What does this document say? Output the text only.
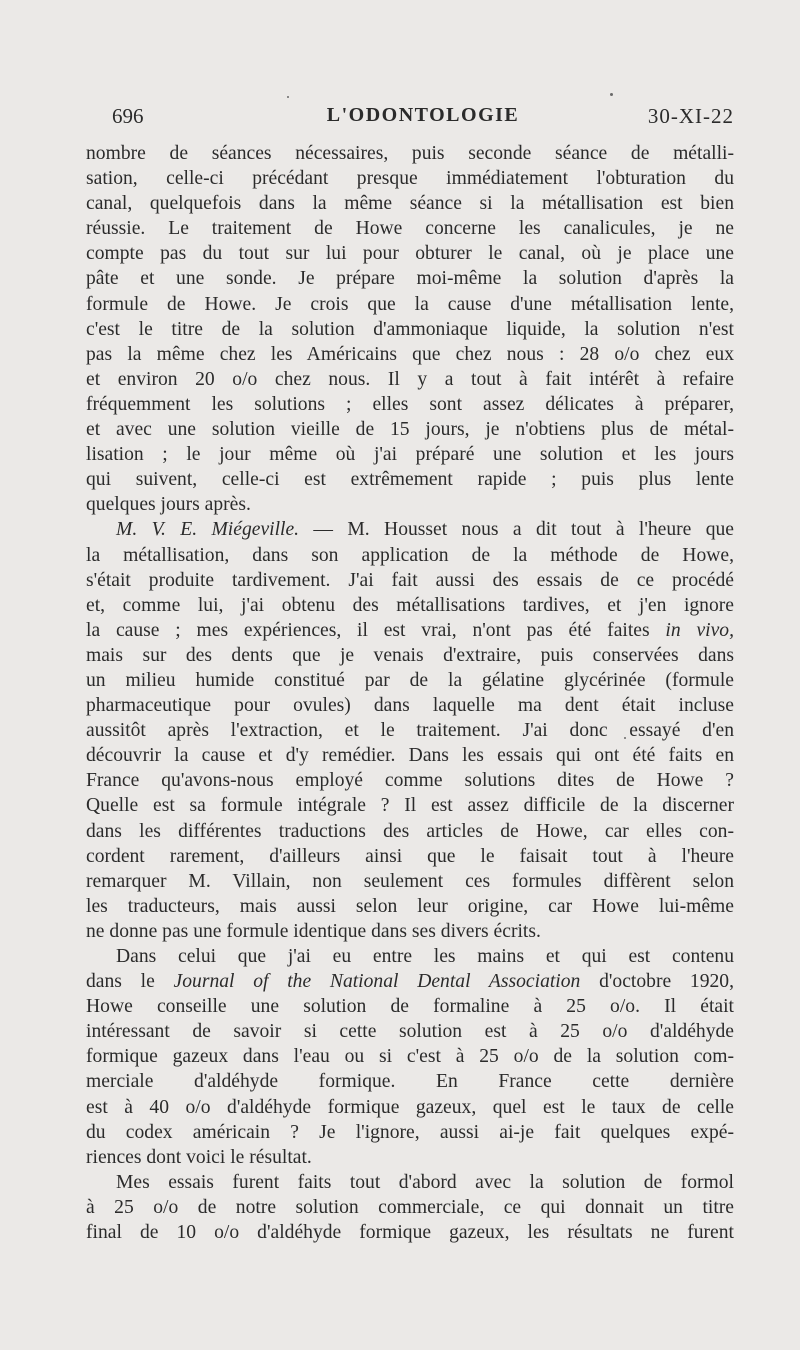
696	L'ODONTOLOGIE	30-XI-22
nombre de séances nécessaires, puis seconde séance de métalli-
sation, celle-ci précédant presque immédiatement l'obturation du
canal, quelquefois dans la même séance si la métallisation est bien
réussie. Le traitement de Howe concerne les canalicules, je ne
compte pas du tout sur lui pour obturer le canal, où je place une
pâte et une sonde. Je prépare moi-même la solution d'après la
formule de Howe. Je crois que la cause d'une métallisation lente,
c'est le titre de la solution d'ammoniaque liquide, la solution n'est
pas la même chez les Américains que chez nous : 28 o/o chez eux
et environ 20 o/o chez nous. Il y a tout à fait intérêt à refaire
fréquemment les solutions ; elles sont assez délicates à préparer,
et avec une solution vieille de 15 jours, je n'obtiens plus de métal-
lisation ; le jour même où j'ai préparé une solution et les jours
qui suivent, celle-ci est extrêmement rapide ; puis plus lente
quelques jours après.
M. V. E. Miégeville. — M. Housset nous a dit tout à l'heure que
la métallisation, dans son application de la méthode de Howe,
s'était produite tardivement. J'ai fait aussi des essais de ce procédé
et, comme lui, j'ai obtenu des métallisations tardives, et j'en ignore
la cause ; mes expériences, il est vrai, n'ont pas été faites in vivo,
mais sur des dents que je venais d'extraire, puis conservées dans
un milieu humide constitué par de la gélatine glycérinée (formule
pharmaceutique pour ovules) dans laquelle ma dent était incluse
aussitôt après l'extraction, et le traitement. J'ai donc essayé d'en
découvrir la cause et d'y remédier. Dans les essais qui ont été faits en
France qu'avons-nous employé comme solutions dites de Howe ?
Quelle est sa formule intégrale ? Il est assez difficile de la discerner
dans les différentes traductions des articles de Howe, car elles con-
cordent rarement, d'ailleurs ainsi que le faisait tout à l'heure
remarquer M. Villain, non seulement ces formules diffèrent selon
les traducteurs, mais aussi selon leur origine, car Howe lui-même
ne donne pas une formule identique dans ses divers écrits.
Dans celui que j'ai eu entre les mains et qui est contenu
dans le Journal of the National Dental Association d'octobre 1920,
Howe conseille une solution de formaline à 25 o/o. Il était
intéressant de savoir si cette solution est à 25 o/o d'aldéhyde
formique gazeux dans l'eau ou si c'est à 25 o/o de la solution com-
merciale d'aldéhyde formique. En France cette dernière
est à 40 o/o d'aldéhyde formique gazeux, quel est le taux de celle
du codex américain ? Je l'ignore, aussi ai-je fait quelques expé-
riences dont voici le résultat.
Mes essais furent faits tout d'abord avec la solution de formol
à 25 o/o de notre solution commerciale, ce qui donnait un titre
final de 10 o/o d'aldéhyde formique gazeux, les résultats ne furent
